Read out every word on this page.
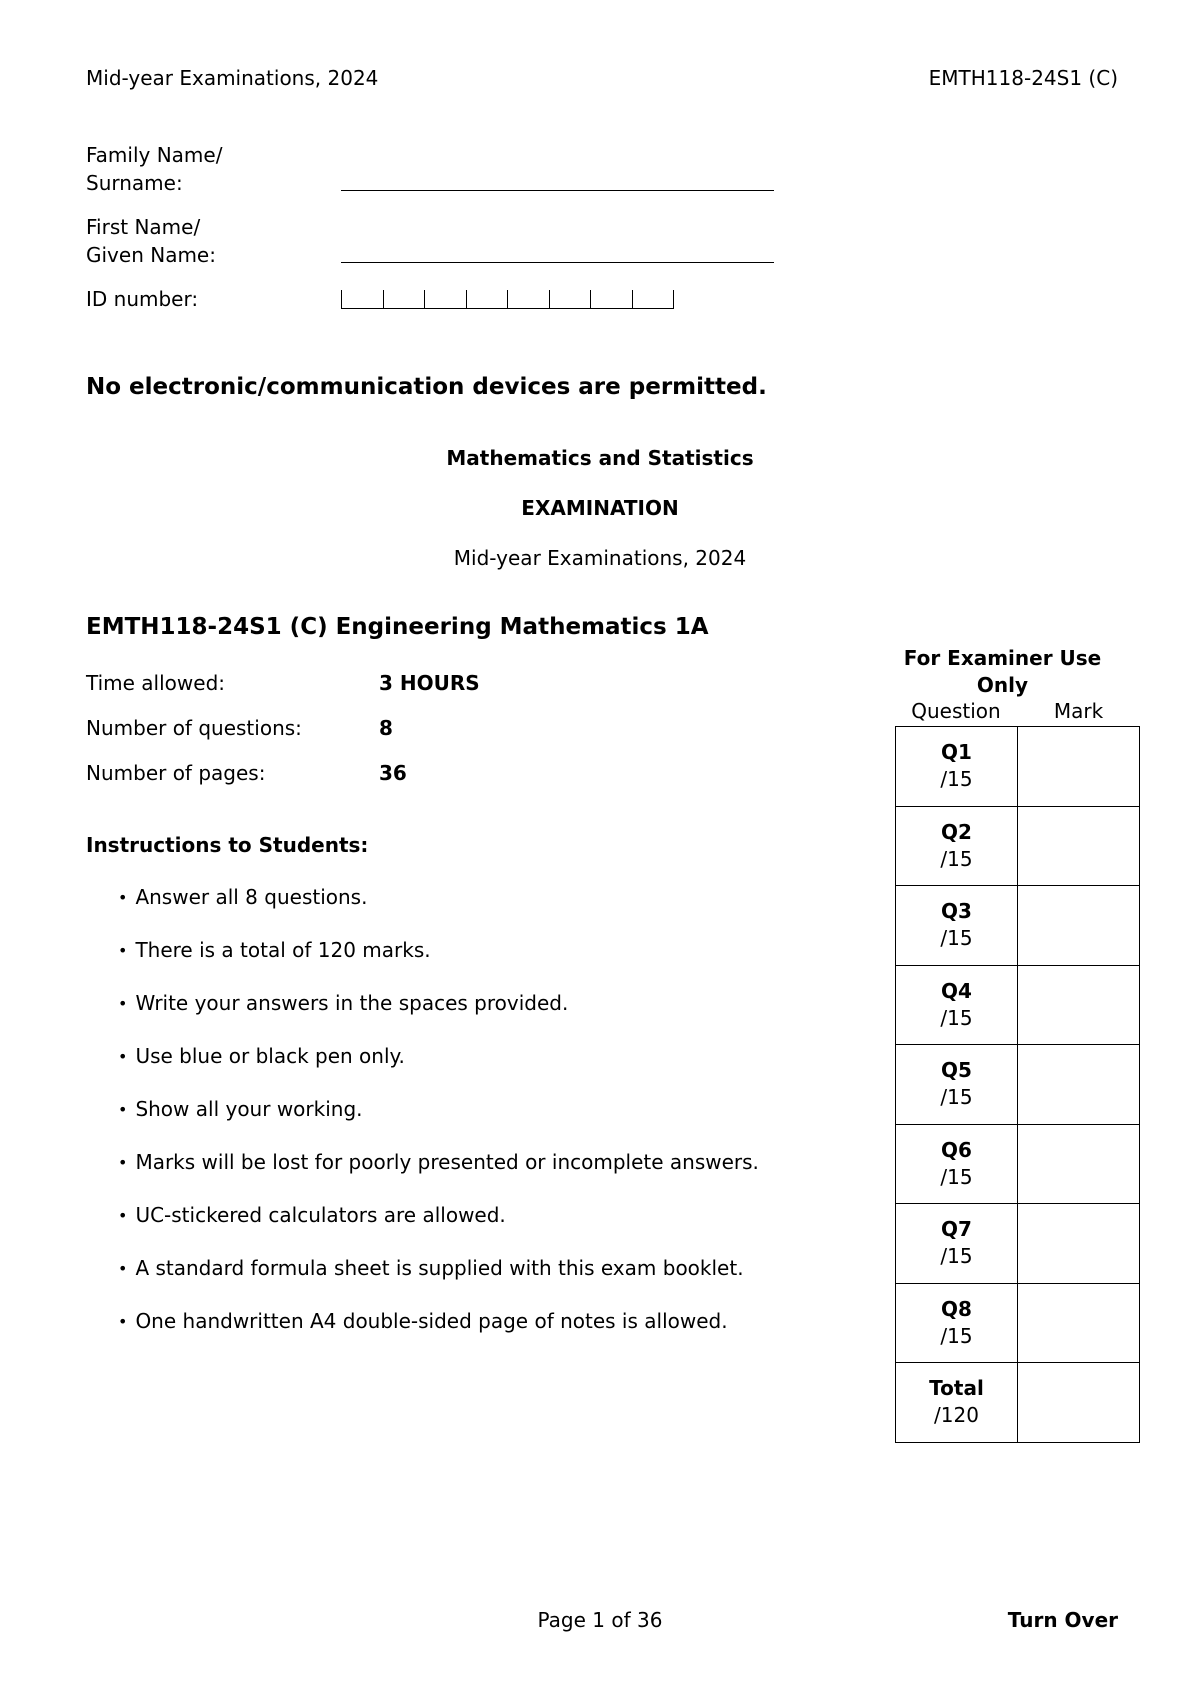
Mid-year Examinations, 2024	EMTH118-24S1 (C)
Family Name/
Surname:
First Name/
Given Name:
ID number:
No electronic/communication devices are permitted.
Mathematics and Statistics
EXAMINATION
Mid-year Examinations, 2024
EMTH118-24S1 (C) Engineering Mathematics 1A
Time allowed:	3 HOURS
Number of questions:	8
Number of pages:	36
Instructions to Students:
• Answer all 8 questions.
• There is a total of 120 marks.
• Write your answers in the spaces provided.
• Use blue or black pen only.
• Show all your working.
• Marks will be lost for poorly presented or incomplete answers.
• UC-stickered calculators are allowed.
• A standard formula sheet is supplied with this exam booklet.
• One handwritten A4 double-sided page of notes is allowed.
For Examiner Use
Only
Question	Mark
Q1
/15	

Q2
/15	

Q3
/15	

Q4
/15	

Q5
/15	

Q6
/15	

Q7
/15	

Q8
/15	

Total
/120	
Page 1 of 36	Turn Over
